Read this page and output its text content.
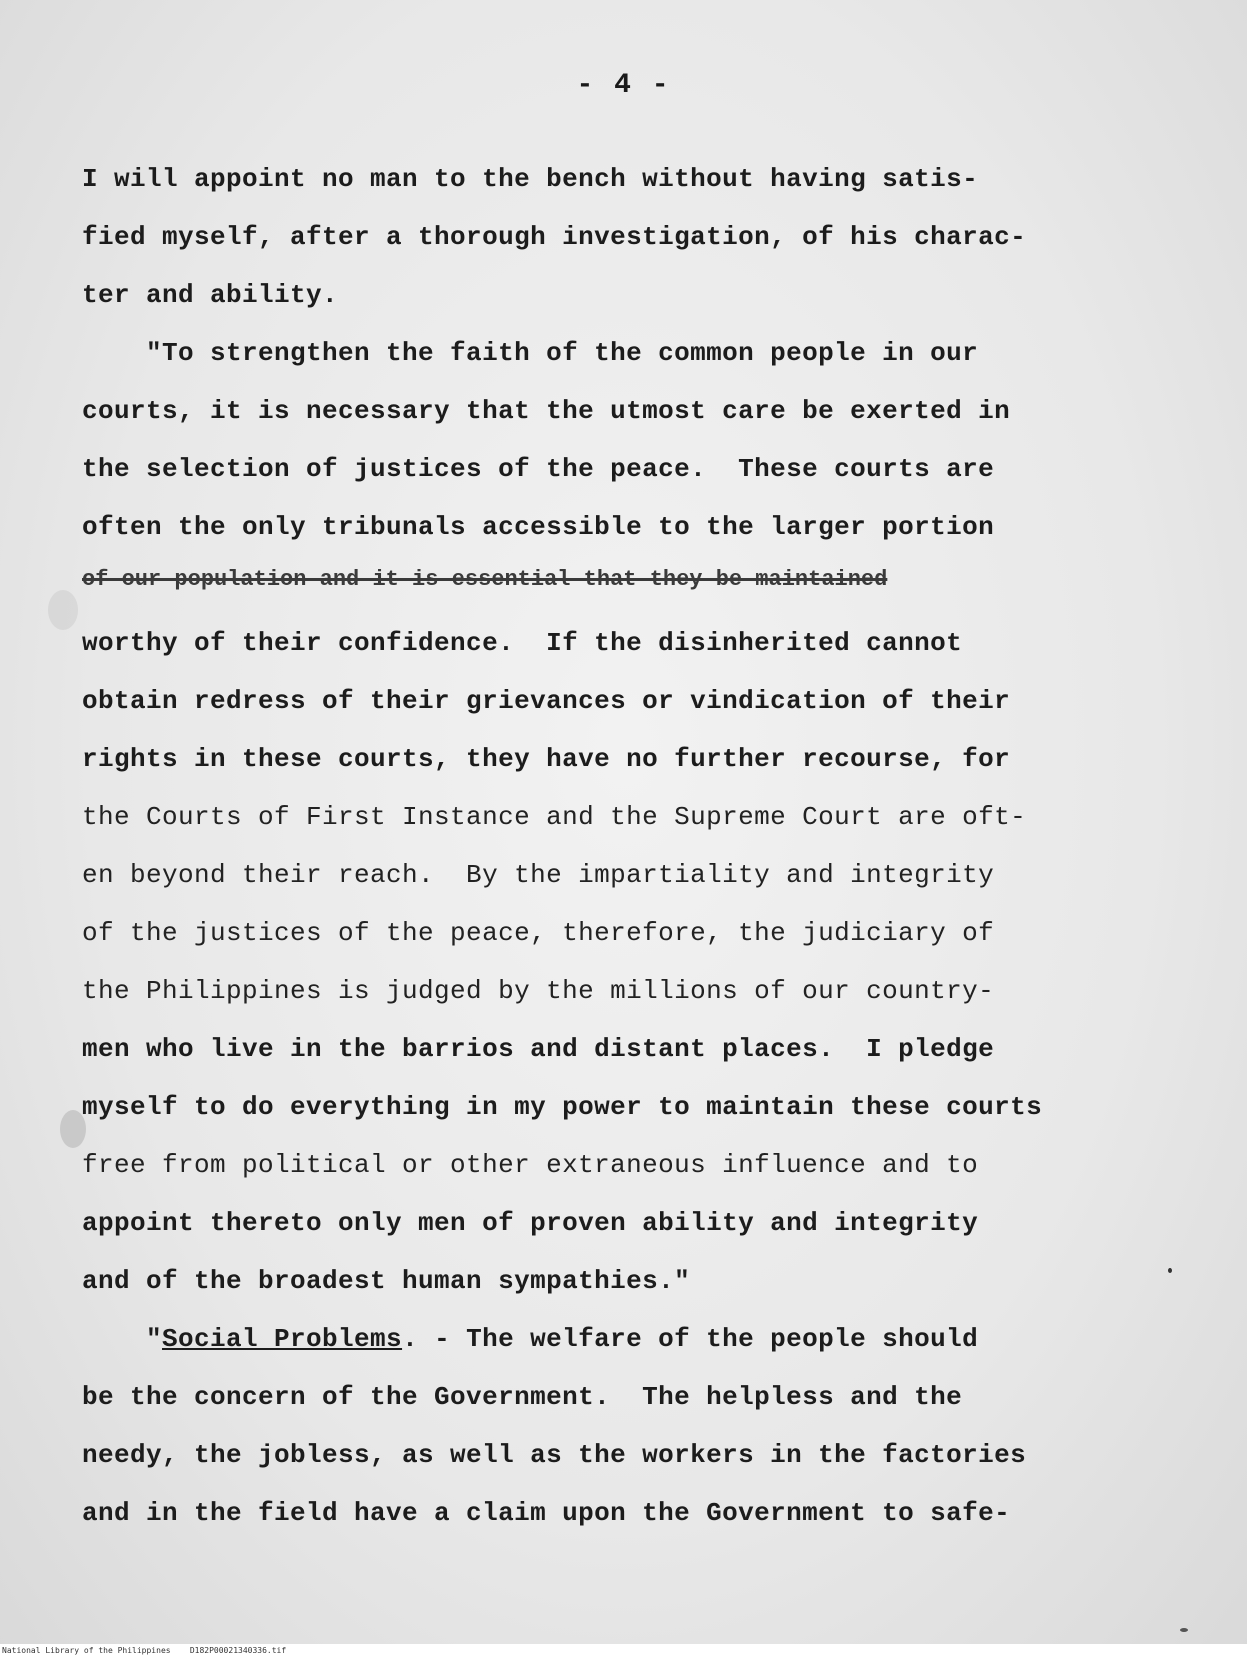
- 4 -
I will appoint no man to the bench without having satis-
fied myself, after a thorough investigation, of his charac-
ter and ability.
"To strengthen the faith of the common people in our
courts, it is necessary that the utmost care be exerted in
the selection of justices of the peace.  These courts are
often the only tribunals accessible to the larger portion
of our population and it is essential that they be maintained
worthy of their confidence.  If the disinherited cannot
obtain redress of their grievances or vindication of their
rights in these courts, they have no further recourse, for
the Courts of First Instance and the Supreme Court are oft-
en beyond their reach.  By the impartiality and integrity
of the justices of the peace, therefore, the judiciary of
the Philippines is judged by the millions of our country-
men who live in the barrios and distant places.  I pledge
myself to do everything in my power to maintain these courts
free from political or other extraneous influence and to
appoint thereto only men of proven ability and integrity
and of the broadest human sympathies."
"Social Problems. - The welfare of the people should
be the concern of the Government.  The helpless and the
needy, the jobless, as well as the workers in the factories
and in the field have a claim upon the Government to safe-
National Library of the Philippines    D182P00021340336.tif
